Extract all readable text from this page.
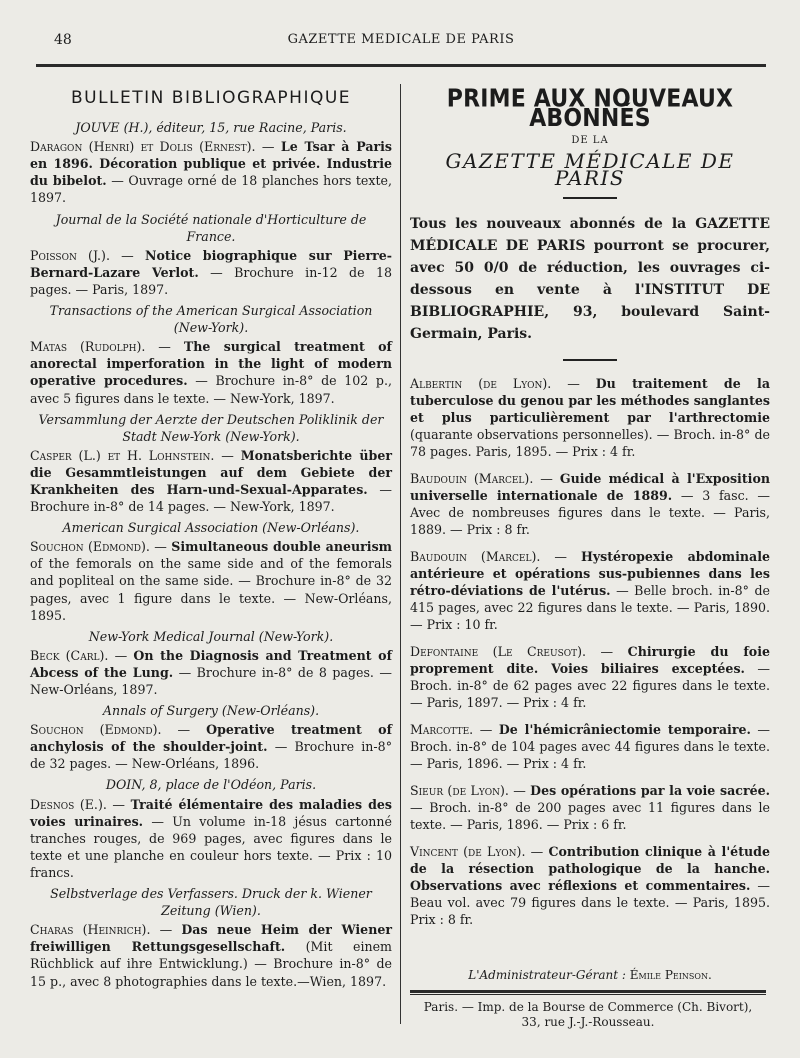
48	GAZETTE MEDICALE DE PARIS
BULLETIN BIBLIOGRAPHIQUE
JOUVE (H.), éditeur, 15, rue Racine, Paris.

Daragon (Henri) et Dolis (Ernest). — Le Tsar à Paris en 1896. Décoration publique et privée. Industrie du bibelot. — Ouvrage orné de 18 planches hors texte, 1897.

Journal de la Société nationale d'Horticulture de France.

Poisson (J.). — Notice biographique sur Pierre-Bernard-Lazare Verlot. — Brochure in-12 de 18 pages. — Paris, 1897.

Transactions of the American Surgical Association (New-York).

Matas (Rudolph). — The surgical treatment of anorectal imperforation in the light of modern operative procedures. — Brochure in-8° de 102 p., avec 5 figures dans le texte. — New-York, 1897.

Versammlung der Aerzte der Deutschen Poliklinik der Stadt New-York (New-York).

Casper (L.) et H. Lohnstein. — Monatsberichte über die Gesammtleistungen auf dem Gebiete der Krankheiten des Harn-und-Sexual-Apparates. — Brochure in-8° de 14 pages. — New-York, 1897.

American Surgical Association (New-Orléans).

Souchon (Edmond). — Simultaneous double aneurism of the femorals on the same side and of the femorals and popliteal on the same side. — Brochure in-8° de 32 pages, avec 1 figure dans le texte. — New-Orléans, 1895.

New-York Medical Journal (New-York).

Beck (Carl). — On the Diagnosis and Treatment of Abcess of the Lung. — Brochure in-8° de 8 pages. — New-Orléans, 1897.

Annals of Surgery (New-Orléans).

Souchon (Edmond). — Operative treatment of anchylosis of the shoulder-joint. — Brochure in-8° de 32 pages. — New-Orléans, 1896.

DOIN, 8, place de l'Odéon, Paris.

Desnos (E.). — Traité élémentaire des maladies des voies urinaires. — Un volume in-18 jésus cartonné tranches rouges, de 969 pages, avec figures dans le texte et une planche en couleur hors texte. — Prix : 10 francs.

Selbstverlage des Verfassers. Druck der k. Wiener Zeitung (Wien).

Charas (Heinrich). — Das neue Heim der Wiener freiwilligen Rettungsgesellschaft. (Mit einem Rüchblick auf ihre Entwicklung.) — Brochure in-8° de 15 p., avec 8 photographies dans le texte.—Wien, 1897.

PRIME AUX NOUVEAUX ABONNÉS
DE LA
GAZETTE MÉDICALE DE PARIS

Tous les nouveaux abonnés de la GAZETTE MÉDICALE DE PARIS pourront se procurer, avec 50 0/0 de réduction, les ouvrages ci-dessous en vente à l'INSTITUT DE BIBLIOGRAPHIE, 93, boulevard Saint-Germain, Paris.

Albertin (de Lyon). — Du traitement de la tuberculose du genou par les méthodes sanglantes et plus particulièrement par l'arthrectomie (quarante observations personnelles). — Broch. in-8° de 78 pages. Paris, 1895. — Prix : 4 fr.

Baudouin (Marcel). — Guide médical à l'Exposition universelle internationale de 1889. — 3 fasc. — Avec de nombreuses figures dans le texte. — Paris, 1889. — Prix : 8 fr.

Baudouin (Marcel). — Hystéropexie abdominale antérieure et opérations sus-pubiennes dans les rétro-déviations de l'utérus. — Belle broch. in-8° de 415 pages, avec 22 figures dans le texte. — Paris, 1890. — Prix : 10 fr.

Defontaine (Le Creusot). — Chirurgie du foie proprement dite. Voies biliaires exceptées. — Broch. in-8° de 62 pages avec 22 figures dans le texte. — Paris, 1897. — Prix : 4 fr.

Marcotte. — De l'hémicrâniectomie temporaire. — Broch. in-8° de 104 pages avec 44 figures dans le texte. — Paris, 1896. — Prix : 4 fr.

Sieur (de Lyon). — Des opérations par la voie sacrée. — Broch. in-8° de 200 pages avec 11 figures dans le texte. — Paris, 1896. — Prix : 6 fr.

Vincent (de Lyon). — Contribution clinique à l'étude de la résection pathologique de la hanche. Observations avec réflexions et commentaires. — Beau vol. avec 79 figures dans le texte. — Paris, 1895. Prix : 8 fr.

L'Administrateur-Gérant : Émile Peinson.
Paris. — Imp. de la Bourse de Commerce (Ch. Bivort),
33, rue J.-J.-Rousseau.
